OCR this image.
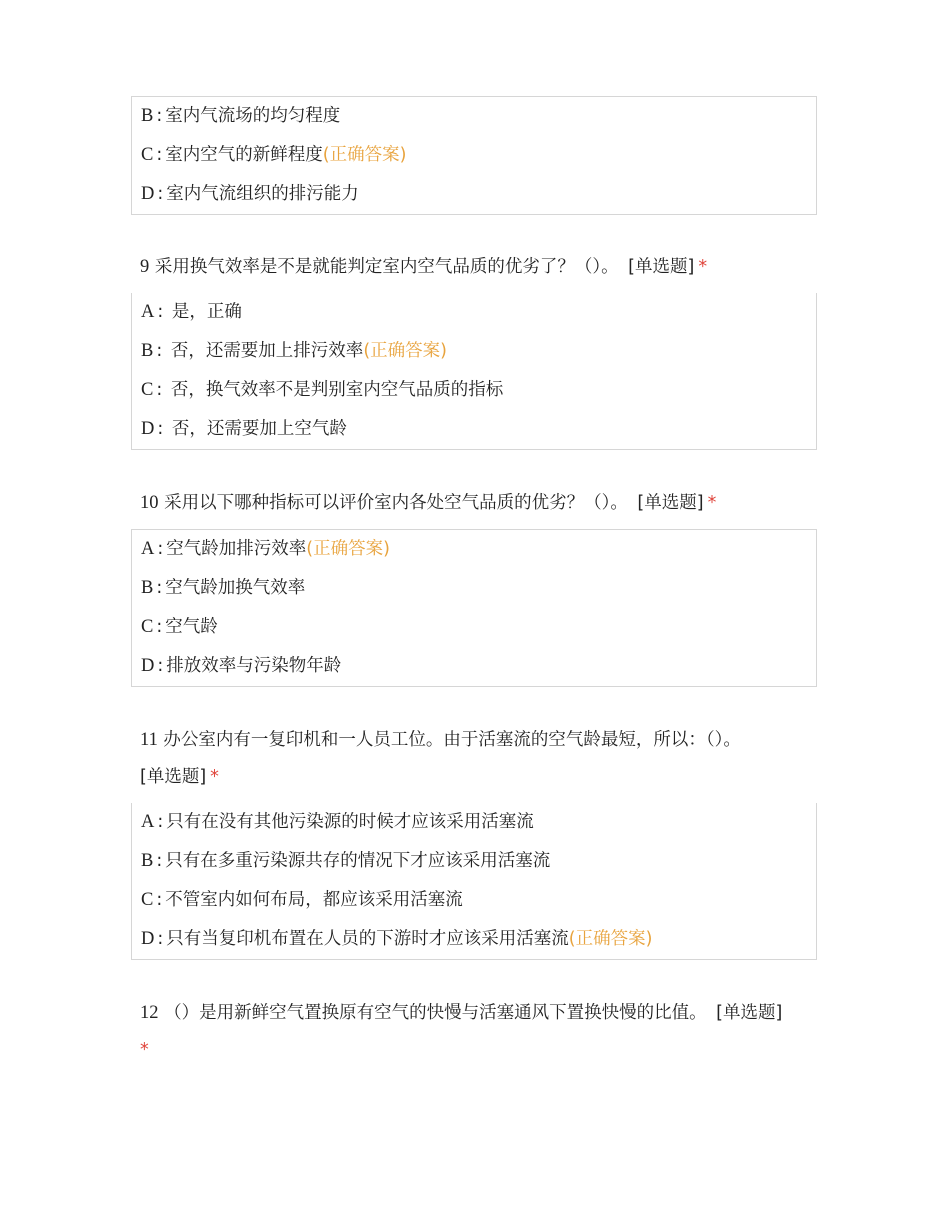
B : 室内气流场的均匀程度
C : 室内空气的新鲜程度(正确答案)
D : 室内气流组织的排污能力
9 采用换气效率是不是就能判定室内空气品质的优劣了？（）。 [单选题] *
A : 是，正确
B : 否，还需要加上排污效率(正确答案)
C : 否，换气效率不是判别室内空气品质的指标
D : 否，还需要加上空气龄
10 采用以下哪种指标可以评价室内各处空气品质的优劣？（）。 [单选题] *
A : 空气龄加排污效率(正确答案)
B : 空气龄加换气效率
C : 空气龄
D : 排放效率与污染物年龄
11 办公室内有一复印机和一人员工位。由于活塞流的空气龄最短，所以：（）。
[单选题] *
A : 只有在没有其他污染源的时候才应该采用活塞流
B : 只有在多重污染源共存的情况下才应该采用活塞流
C : 不管室内如何布局，都应该采用活塞流
D : 只有当复印机布置在人员的下游时才应该采用活塞流(正确答案)
12 （）是用新鲜空气置换原有空气的快慢与活塞通风下置换快慢的比值。 [单选题]
*
